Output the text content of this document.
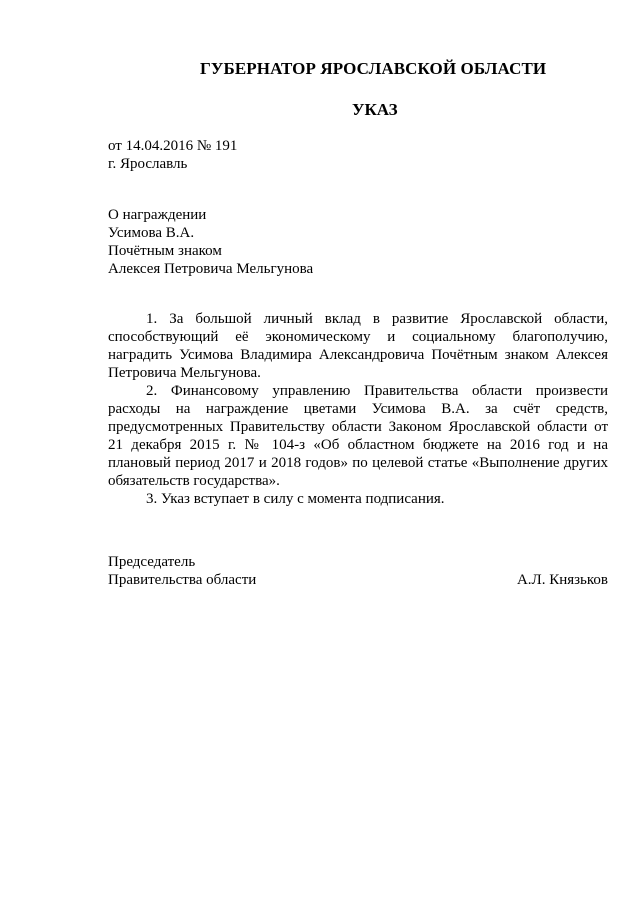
ГУБЕРНАТОР ЯРОСЛАВСКОЙ ОБЛАСТИ
УКАЗ
от 14.04.2016 № 191
г. Ярославль
О награждении
Усимова В.А.
Почётным знаком
Алексея Петровича Мельгунова

1. За большой личный вклад в развитие Ярославской области, способствующий её экономическому и социальному благополучию, наградить Усимова Владимира Александровича Почётным знаком Алексея Петровича Мельгунова.

2. Финансовому управлению Правительства области произвести расходы на награждение цветами Усимова В.А. за счёт средств, предусмотренных Правительству области Законом Ярославской области от 21 декабря 2015 г. № 104-з «Об областном бюджете на 2016 год и на плановый период 2017 и 2018 годов» по целевой статье «Выполнение других обязательств государства».

3. Указ вступает в силу с момента подписания.

Председатель
Правительства области	А.Л. Князьков
